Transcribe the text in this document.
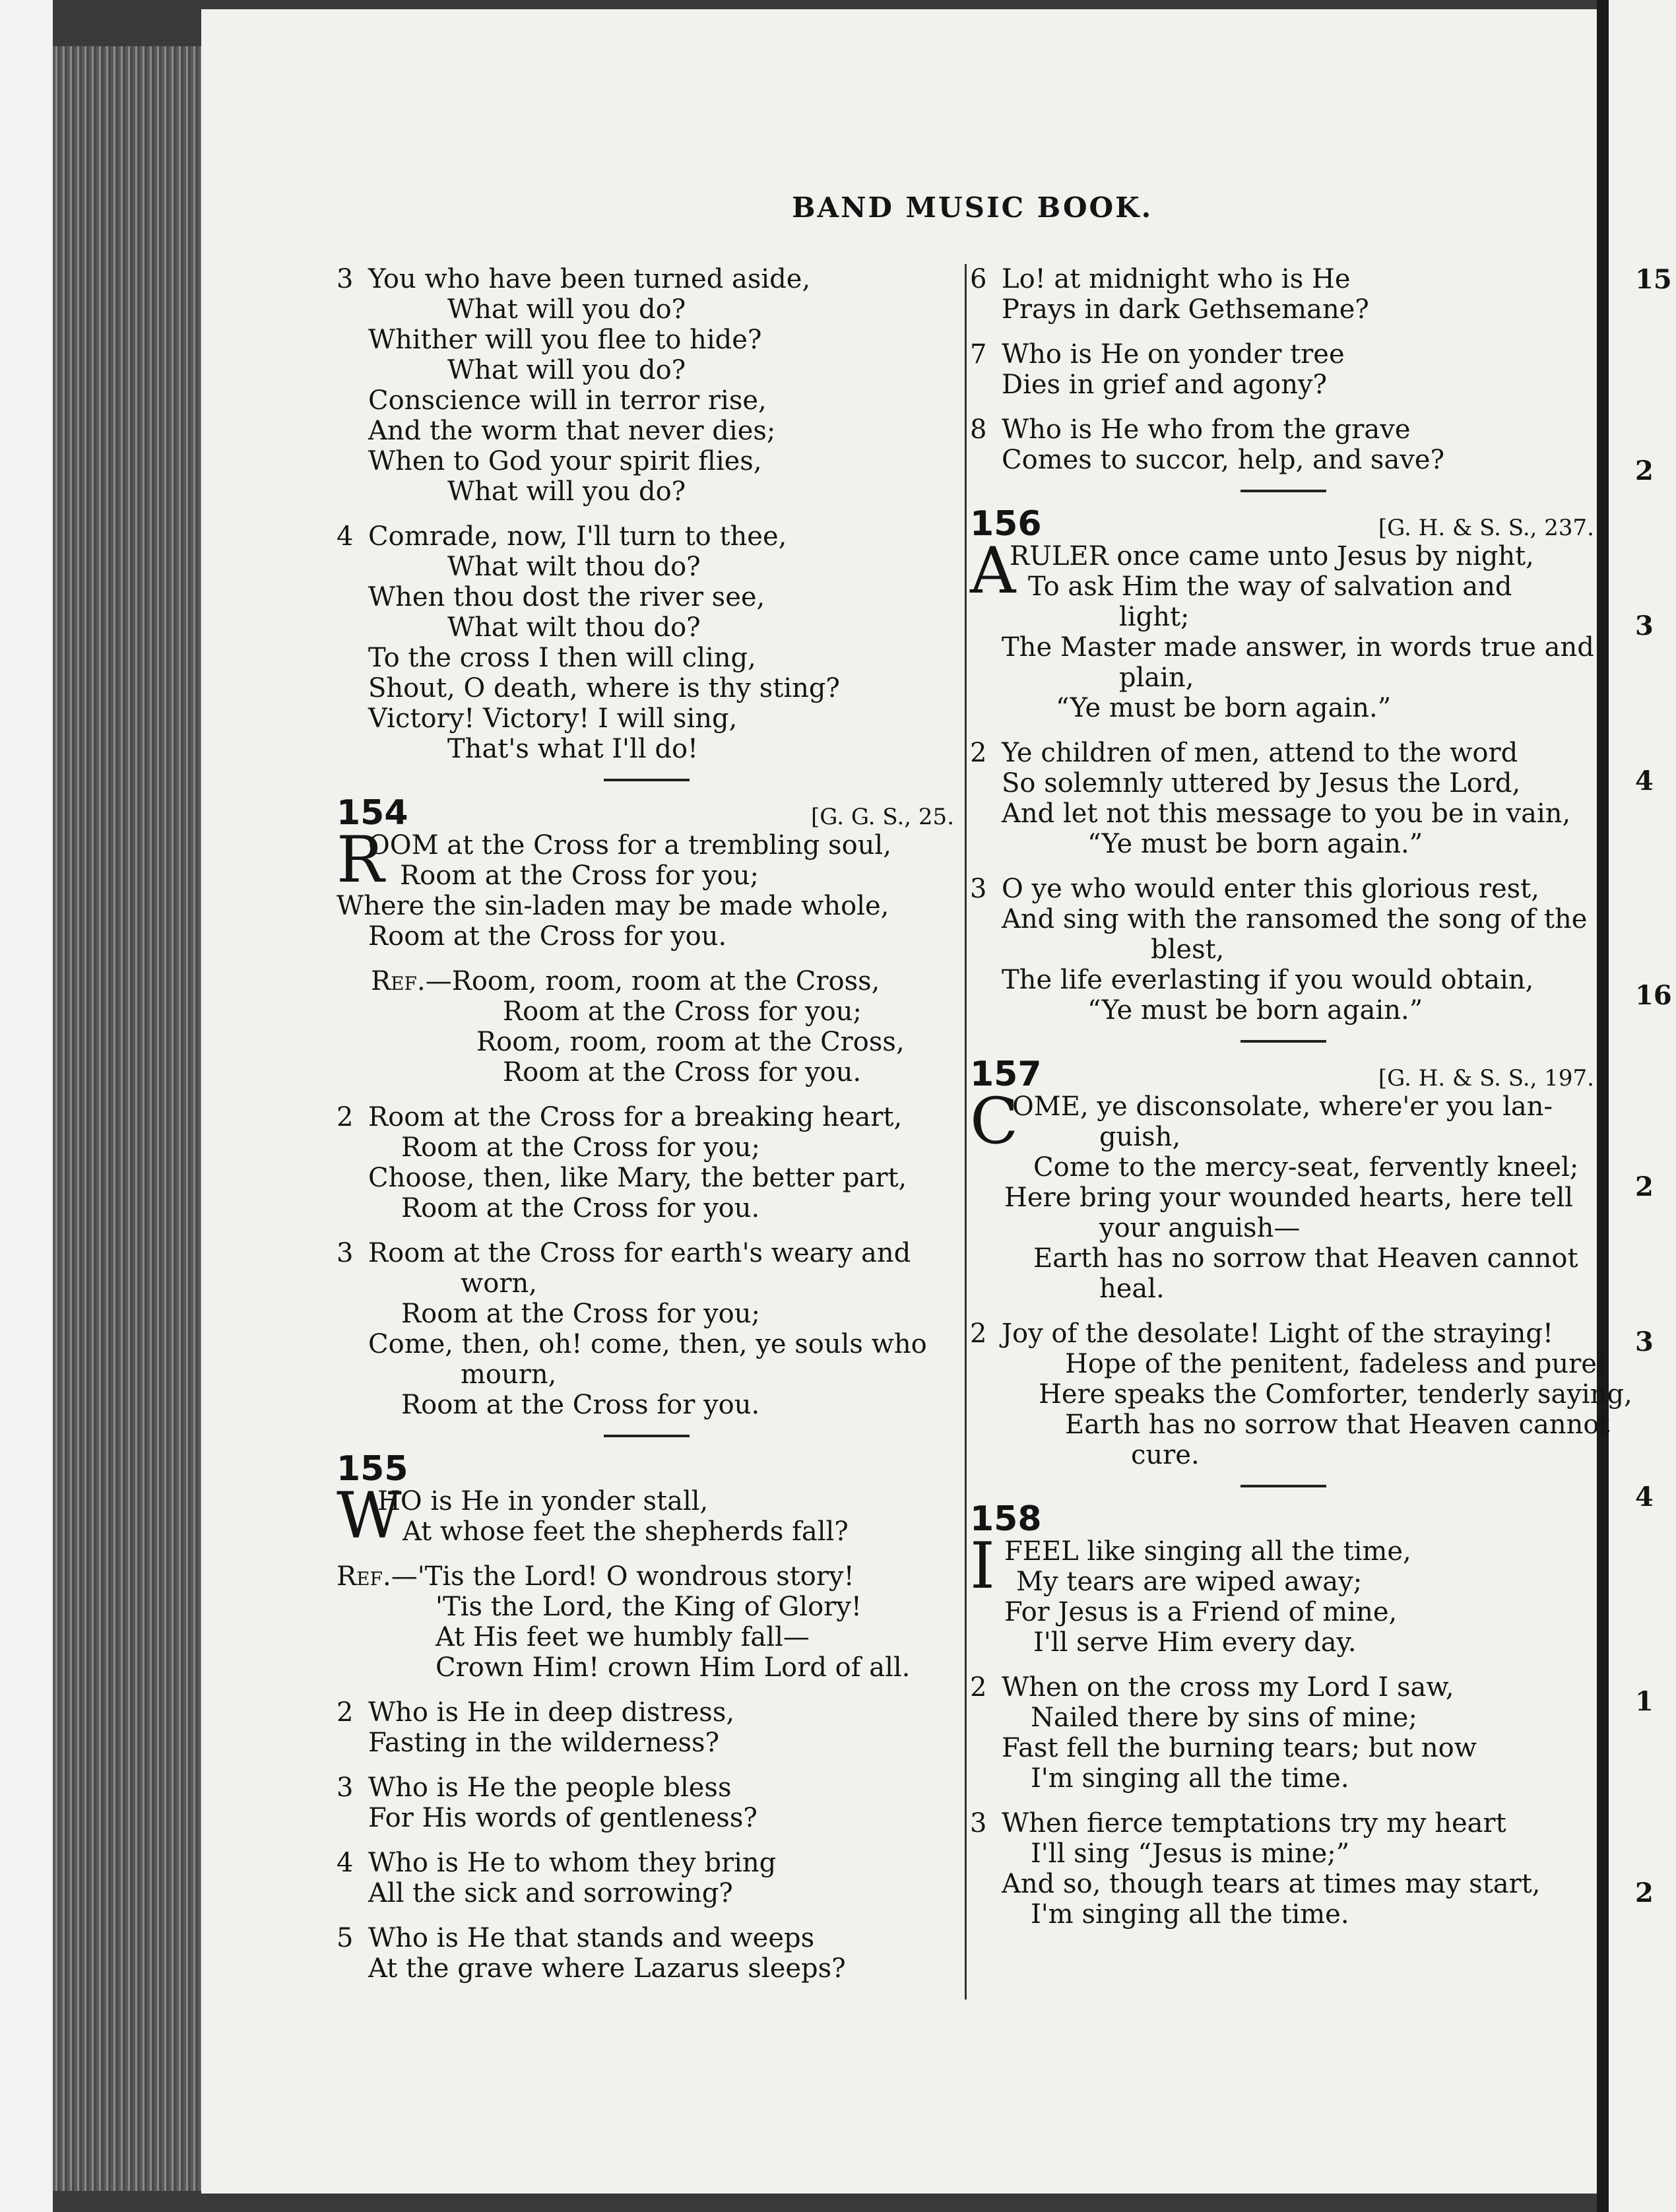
15
2
3
4
16
2
3
4
1
2
BAND MUSIC BOOK.
3 You who have been turned aside,
What will you do?
Whither will you flee to hide?
What will you do?
Conscience will in terror rise,
And the worm that never dies;
When to God your spirit flies,
What will you do?
4 Comrade, now, I'll turn to thee,
What wilt thou do?
When thou dost the river see,
What wilt thou do?
To the cross I then will cling,
Shout, O death, where is thy sting?
Victory! Victory! I will sing,
That's what I'll do!
154	[G. G. S., 25.
R
OOM at the Cross for a trembling soul,
Room at the Cross for you;
Where the sin-laden may be made whole,
Room at the Cross for you.
Ref.—Room, room, room at the Cross,
Room at the Cross for you;
Room, room, room at the Cross,
Room at the Cross for you.
2 Room at the Cross for a breaking heart,
Room at the Cross for you;
Choose, then, like Mary, the better part,
Room at the Cross for you.
3 Room at the Cross for earth's weary and
worn,
Room at the Cross for you;
Come, then, oh! come, then, ye souls who
mourn,
Room at the Cross for you.
155
W
HO is He in yonder stall,
At whose feet the shepherds fall?
Ref.—'Tis the Lord! O wondrous story!
'Tis the Lord, the King of Glory!
At His feet we humbly fall—
Crown Him! crown Him Lord of all.
2 Who is He in deep distress,
Fasting in the wilderness?
3 Who is He the people bless
For His words of gentleness?
4 Who is He to whom they bring
All the sick and sorrowing?
5 Who is He that stands and weeps
At the grave where Lazarus sleeps?
6 Lo! at midnight who is He
Prays in dark Gethsemane?
7 Who is He on yonder tree
Dies in grief and agony?
8 Who is He who from the grave
Comes to succor, help, and save?
156	[G. H. & S. S., 237.
A
RULER once came unto Jesus by night,
To ask Him the way of salvation and
light;
The Master made answer, in words true and
plain,
“Ye must be born again.”
2 Ye children of men, attend to the word
So solemnly uttered by Jesus the Lord,
And let not this message to you be in vain,
“Ye must be born again.”
3 O ye who would enter this glorious rest,
And sing with the ransomed the song of the
blest,
The life everlasting if you would obtain,
“Ye must be born again.”
157	[G. H. & S. S., 197.
C
OME, ye disconsolate, where'er you lan-
guish,
Come to the mercy-seat, fervently kneel;
Here bring your wounded hearts, here tell
your anguish—
Earth has no sorrow that Heaven cannot
heal.
2 Joy of the desolate! Light of the straying!
Hope of the penitent, fadeless and pure!
Here speaks the Comforter, tenderly saying,
Earth has no sorrow that Heaven cannot
cure.
158
I FEEL like singing all the time,
My tears are wiped away;
For Jesus is a Friend of mine,
I'll serve Him every day.
2 When on the cross my Lord I saw,
Nailed there by sins of mine;
Fast fell the burning tears; but now
I'm singing all the time.
3 When fierce temptations try my heart
I'll sing “Jesus is mine;”
And so, though tears at times may start,
I'm singing all the time.
